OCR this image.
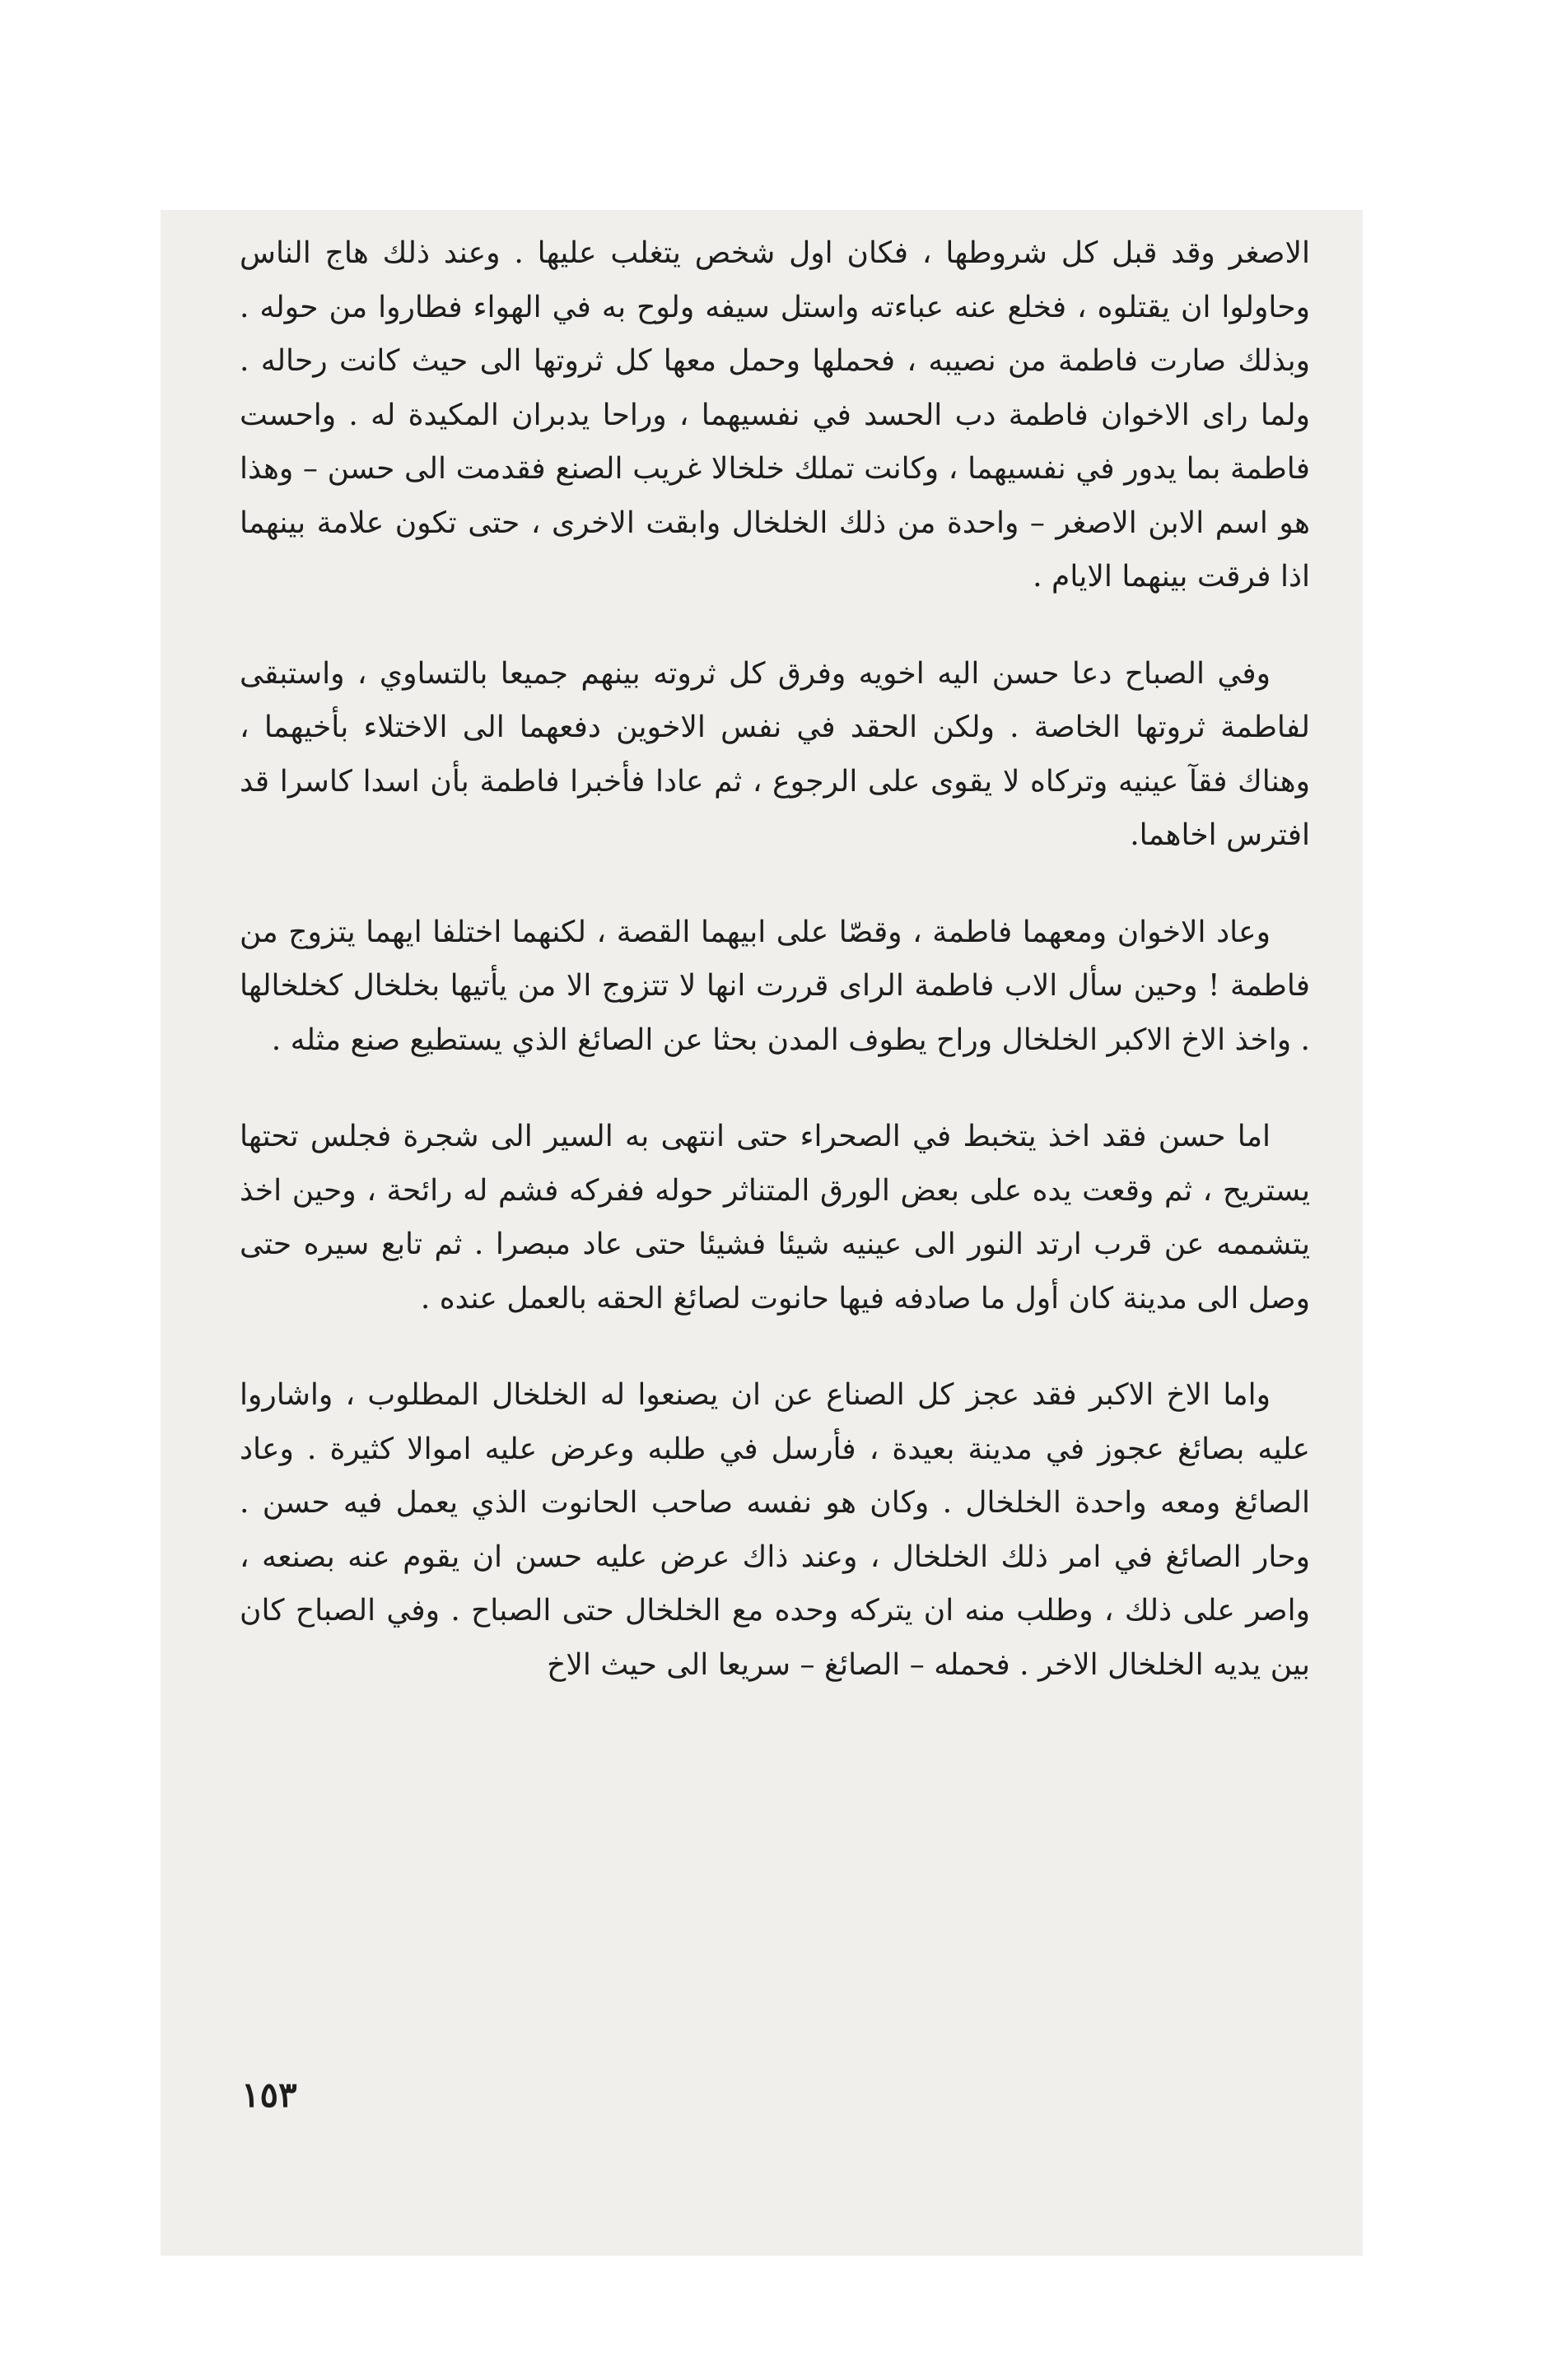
الاصغر وقد قبل كل شروطها ، فكان اول شخص يتغلب عليها . وعند ذلك هاج الناس وحاولوا ان يقتلوه ، فخلع عنه عباءته واستل سيفه ولوح به في الهواء فطاروا من حوله . وبذلك صارت فاطمة من نصيبه ، فحملها وحمل معها كل ثروتها الى حيث كانت رحاله . ولما راى الاخوان فاطمة دب الحسد في نفسيهما ، وراحا يدبران المكيدة له . واحست فاطمة بما يدور في نفسيهما ، وكانت تملك خلخالا غريب الصنع فقدمت الى حسن – وهذا هو اسم الابن الاصغر – واحدة من ذلك الخلخال وابقت الاخرى ، حتى تكون علامة بينهما اذا فرقت بينهما الايام .

وفي الصباح دعا حسن اليه اخويه وفرق كل ثروته بينهم جميعا بالتساوي ، واستبقى لفاطمة ثروتها الخاصة . ولكن الحقد في نفس الاخوين دفعهما الى الاختلاء بأخيهما ، وهناك فقآ عينيه وتركاه لا يقوى على الرجوع ، ثم عادا فأخبرا فاطمة بأن اسدا كاسرا قد افترس اخاهما.

وعاد الاخوان ومعهما فاطمة ، وقصّا على ابيهما القصة ، لكنهما اختلفا ايهما يتزوج من فاطمة ! وحين سأل الاب فاطمة الراى قررت انها لا تتزوج الا من يأتيها بخلخال كخلخالها . واخذ الاخ الاكبر الخلخال وراح يطوف المدن بحثا عن الصائغ الذي يستطيع صنع مثله .

اما حسن فقد اخذ يتخبط في الصحراء حتى انتهى به السير الى شجرة فجلس تحتها يستريح ، ثم وقعت يده على بعض الورق المتناثر حوله ففركه فشم له رائحة ، وحين اخذ يتشممه عن قرب ارتد النور الى عينيه شيئا فشيئا حتى عاد مبصرا . ثم تابع سيره حتى وصل الى مدينة كان أول ما صادفه فيها حانوت لصائغ الحقه بالعمل عنده .

واما الاخ الاكبر فقد عجز كل الصناع عن ان يصنعوا له الخلخال المطلوب ، واشاروا عليه بصائغ عجوز في مدينة بعيدة ، فأرسل في طلبه وعرض عليه اموالا كثيرة . وعاد الصائغ ومعه واحدة الخلخال . وكان هو نفسه صاحب الحانوت الذي يعمل فيه حسن . وحار الصائغ في امر ذلك الخلخال ، وعند ذاك عرض عليه حسن ان يقوم عنه بصنعه ، واصر على ذلك ، وطلب منه ان يتركه وحده مع الخلخال حتى الصباح . وفي الصباح كان بين يديه الخلخال الاخر . فحمله – الصائغ – سريعا الى حيث الاخ

١٥٣
